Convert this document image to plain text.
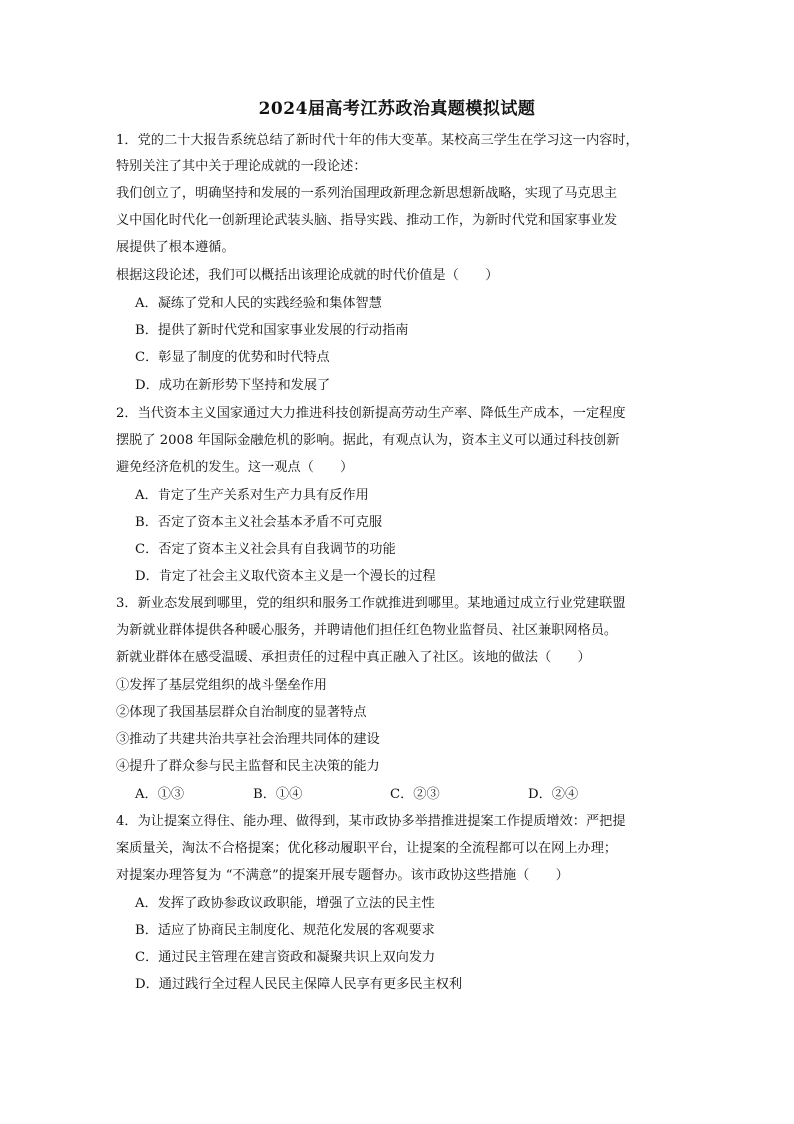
2024届高考江苏政治真题模拟试题
1．党的二十大报告系统总结了新时代十年的伟大变革。某校高三学生在学习这一内容时，
特别关注了其中关于理论成就的一段论述：
我们创立了，明确坚持和发展的一系列治国理政新理念新思想新战略，实现了马克思主
义中国化时代化一创新理论武装头脑、指导实践、推动工作，为新时代党和国家事业发
展提供了根本遵循。
根据这段论述，我们可以概括出该理论成就的时代价值是（　　）
A．凝练了党和人民的实践经验和集体智慧
B．提供了新时代党和国家事业发展的行动指南
C．彰显了制度的优势和时代特点
D．成功在新形势下坚持和发展了
2．当代资本主义国家通过大力推进科技创新提高劳动生产率、降低生产成本，一定程度
摆脱了 2008 年国际金融危机的影响。据此，有观点认为，资本主义可以通过科技创新
避免经济危机的发生。这一观点（　　）
A．肯定了生产关系对生产力具有反作用
B．否定了资本主义社会基本矛盾不可克服
C．否定了资本主义社会具有自我调节的功能
D．肯定了社会主义取代资本主义是一个漫长的过程
3．新业态发展到哪里，党的组织和服务工作就推进到哪里。某地通过成立行业党建联盟
为新就业群体提供各种暖心服务，并聘请他们担任红色物业监督员、社区兼职网格员。
新就业群体在感受温暖、承担责任的过程中真正融入了社区。该地的做法（　　）
①发挥了基层党组织的战斗堡垒作用
②体现了我国基层群众自治制度的显著特点
③推动了共建共治共享社会治理共同体的建设
④提升了群众参与民主监督和民主决策的能力
A．①③	B．①④	C．②③	D．②④
4．为让提案立得住、能办理、做得到，某市政协多举措推进提案工作提质增效：严把提
案质量关，淘汰不合格提案；优化移动履职平台，让提案的全流程都可以在网上办理；
对提案办理答复为 “不满意”的提案开展专题督办。该市政协这些措施（　　）
A．发挥了政协参政议政职能，增强了立法的民主性
B．适应了协商民主制度化、规范化发展的客观要求
C．通过民主管理在建言资政和凝聚共识上双向发力
D．通过践行全过程人民民主保障人民享有更多民主权利
